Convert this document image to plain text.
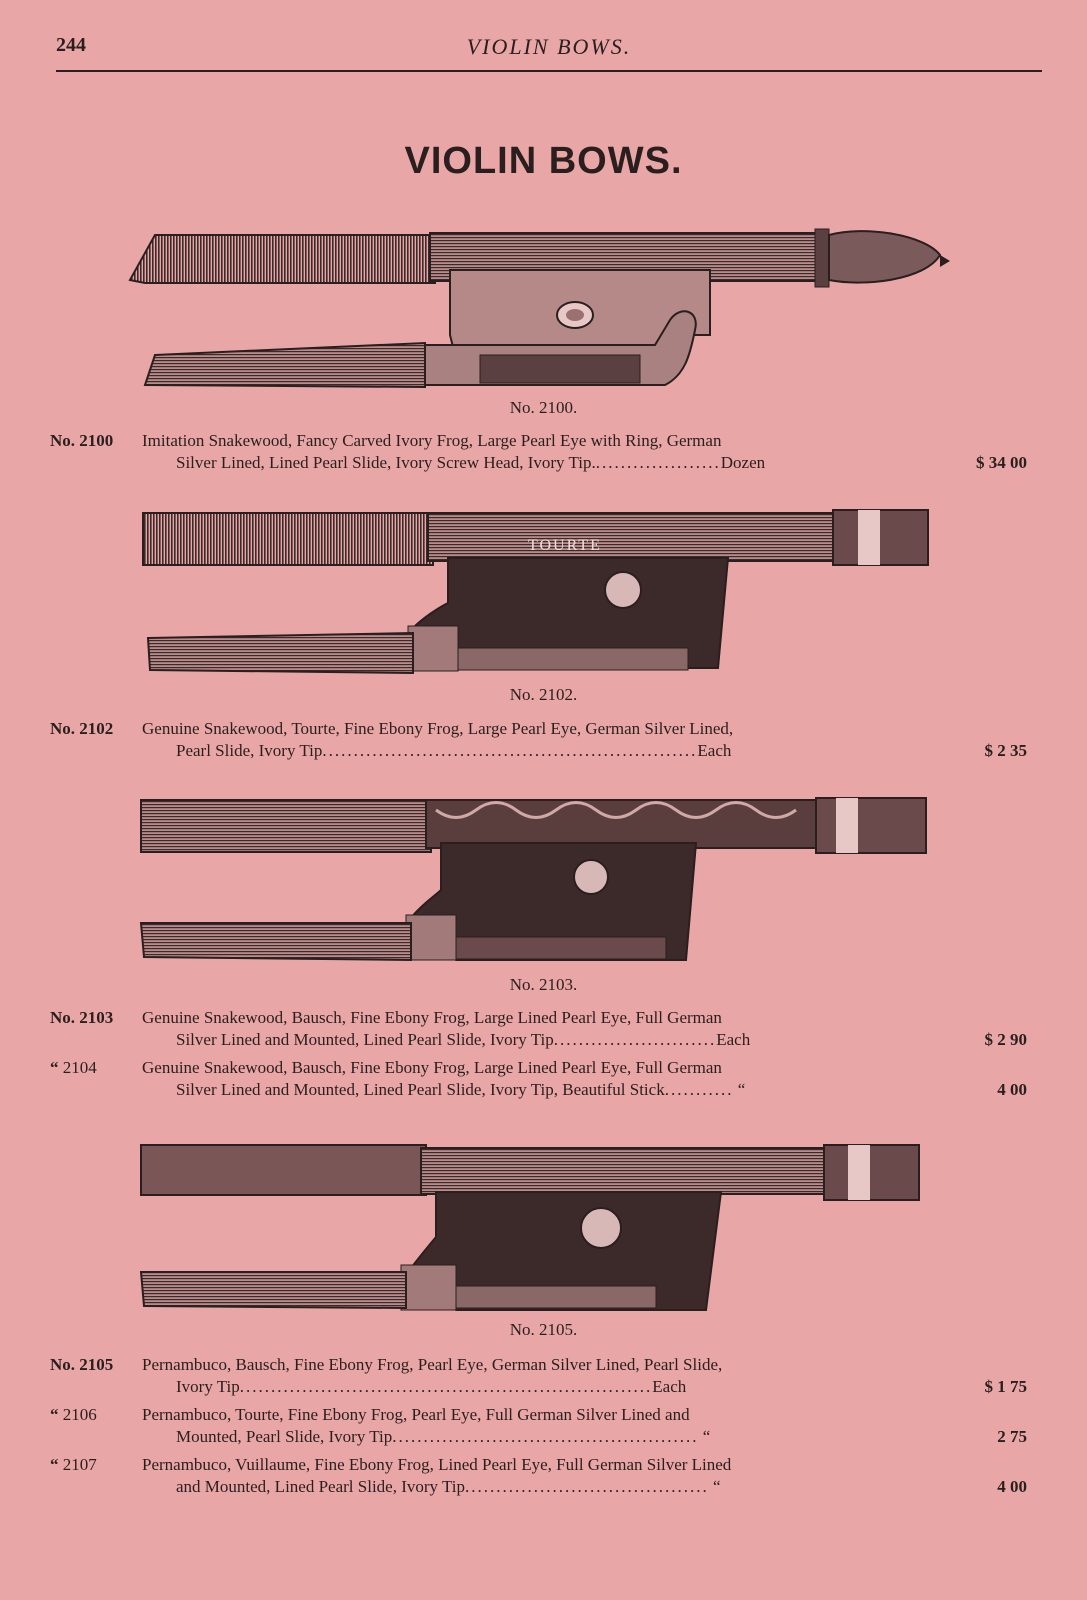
244	VIOLIN BOWS.
VIOLIN BOWS.
No. 2100.
No. 2100 Imitation Snakewood, Fancy Carved Ivory Frog, Large Pearl Eye with Ring, German
Silver Lined, Lined Pearl Slide, Ivory Screw Head, Ivory Tip.....................Dozen	$ 34 00
TOURTE
No. 2102.
No. 2102 Genuine Snakewood, Tourte, Fine Ebony Frog, Large Pearl Eye, German Silver Lined,
Pearl Slide, Ivory Tip............................................................Each	$ 2 35
No. 2103.
No. 2103 Genuine Snakewood, Bausch, Fine Ebony Frog, Large Lined Pearl Eye, Full German
Silver Lined and Mounted, Lined Pearl Slide, Ivory Tip..........................Each	$ 2 90
“ 2104	Genuine Snakewood, Bausch, Fine Ebony Frog, Large Lined Pearl Eye, Full German
Silver Lined and Mounted, Lined Pearl Slide, Ivory Tip, Beautiful Stick........... “	4 00
No. 2105.
No. 2105 Pernambuco, Bausch, Fine Ebony Frog, Pearl Eye, German Silver Lined, Pearl Slide,
Ivory Tip..................................................................Each	$ 1 75
“ 2106	Pernambuco, Tourte, Fine Ebony Frog, Pearl Eye, Full German Silver Lined and
Mounted, Pearl Slide, Ivory Tip................................................. “	2 75
“ 2107	Pernambuco, Vuillaume, Fine Ebony Frog, Lined Pearl Eye, Full German Silver Lined
and Mounted, Lined Pearl Slide, Ivory Tip....................................... “	4 00
